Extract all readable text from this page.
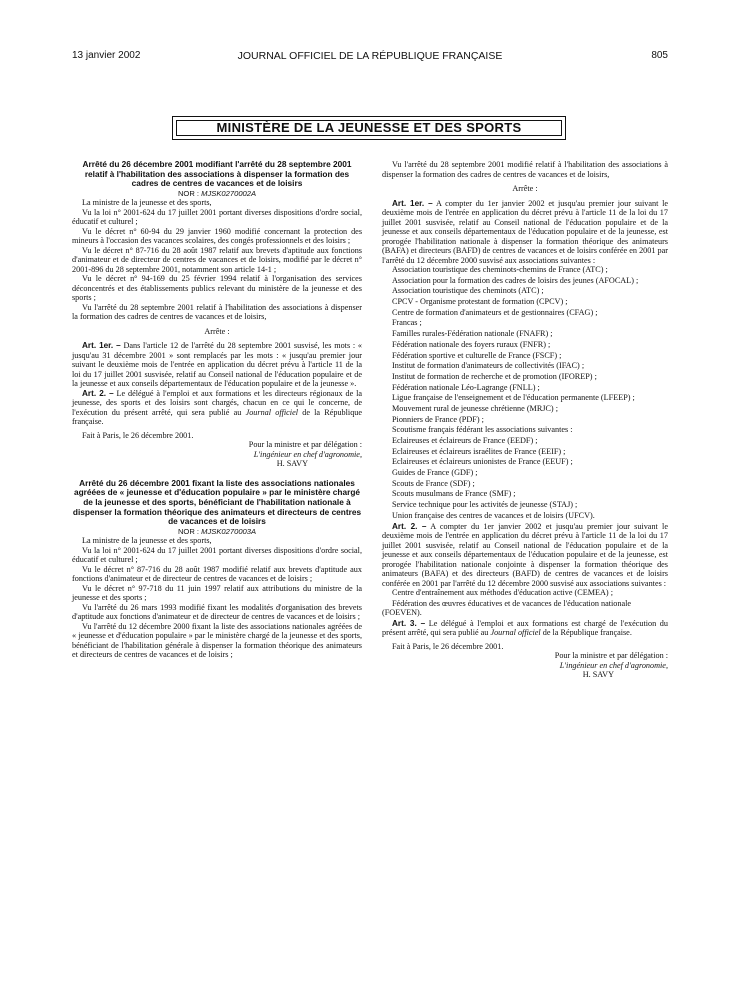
13 janvier 2002	JOURNAL OFFICIEL DE LA RÉPUBLIQUE FRANÇAISE	805
MINISTÈRE DE LA JEUNESSE ET DES SPORTS

Arrêté du 26 décembre 2001 modifiant l'arrêté du 28 septembre 2001 relatif à l'habilitation des associations à dispenser la formation des cadres de centres de vacances et de loisirs

NOR : MJSK0270002A

La ministre de la jeunesse et des sports,

Vu la loi n° 2001-624 du 17 juillet 2001 portant diverses dispositions d'ordre social, éducatif et culturel ;

Vu le décret n° 60-94 du 29 janvier 1960 modifié concernant la protection des mineurs à l'occasion des vacances scolaires, des congés professionnels et des loisirs ;

Vu le décret n° 87-716 du 28 août 1987 relatif aux brevets d'aptitude aux fonctions d'animateur et de directeur de centres de vacances et de loisirs, modifié par le décret n° 2001-896 du 28 septembre 2001, notamment son article 14-1 ;

Vu le décret n° 94-169 du 25 février 1994 relatif à l'organisation des services déconcentrés et des établissements publics relevant du ministère de la jeunesse et des sports ;

Vu l'arrêté du 28 septembre 2001 relatif à l'habilitation des associations à dispenser la formation des cadres de centres de vacances et de loisirs,

Arrête :

Art. 1er. – Dans l'article 12 de l'arrêté du 28 septembre 2001 susvisé, les mots : « jusqu'au 31 décembre 2001 » sont remplacés par les mots : « jusqu'au premier jour suivant le deuxième mois de l'entrée en application du décret prévu à l'article 11 de la loi du 17 juillet 2001 susvisée, relatif au Conseil national de l'éducation populaire et de la jeunesse et aux conseils départementaux de l'éducation populaire et de la jeunesse ».

Art. 2. – Le délégué à l'emploi et aux formations et les directeurs régionaux de la jeunesse, des sports et des loisirs sont chargés, chacun en ce qui le concerne, de l'exécution du présent arrêté, qui sera publié au Journal officiel de la République française.

Fait à Paris, le 26 décembre 2001.

Pour la ministre et par délégation :

L'ingénieur en chef d'agronomie,

H. SAVY

Arrêté du 26 décembre 2001 fixant la liste des associations nationales agréées de « jeunesse et d'éducation populaire » par le ministère chargé de la jeunesse et des sports, bénéficiant de l'habilitation nationale à dispenser la formation théorique des animateurs et directeurs de centres de vacances et de loisirs

NOR : MJSK0270003A

La ministre de la jeunesse et des sports,

Vu la loi n° 2001-624 du 17 juillet 2001 portant diverses dispositions d'ordre social, éducatif et culturel ;

Vu le décret n° 87-716 du 28 août 1987 modifié relatif aux brevets d'aptitude aux fonctions d'animateur et de directeur de centres de vacances et de loisirs ;

Vu le décret n° 97-718 du 11 juin 1997 relatif aux attributions du ministre de la jeunesse et des sports ;

Vu l'arrêté du 26 mars 1993 modifié fixant les modalités d'organisation des brevets d'aptitude aux fonctions d'animateur et de directeur de centres de vacances et de loisirs ;

Vu l'arrêté du 12 décembre 2000 fixant la liste des associations nationales agréées de « jeunesse et d'éducation populaire » par le ministère chargé de la jeunesse et des sports, bénéficiant de l'habilitation générale à dispenser la formation théorique des animateurs et directeurs de centres de vacances et de loisirs ;

Vu l'arrêté du 28 septembre 2001 modifié relatif à l'habilitation des associations à dispenser la formation des cadres de centres de vacances et de loisirs,

Arrête :

Art. 1er. – A compter du 1er janvier 2002 et jusqu'au premier jour suivant le deuxième mois de l'entrée en application du décret prévu à l'article 11 de la loi du 17 juillet 2001 susvisée, relatif au Conseil national de l'éducation populaire et de la jeunesse et aux conseils départementaux de l'éducation populaire et de la jeunesse, est prorogée l'habilitation nationale à dispenser la formation théorique des animateurs (BAFA) et directeurs (BAFD) de centres de vacances et de loisirs conférée en 2001 par l'arrêté du 12 décembre 2000 susvisé aux associations suivantes :

Association touristique des cheminots-chemins de France (ATC) ;

Association pour la formation des cadres de loisirs des jeunes (AFOCAL) ;

Association touristique des cheminots (ATC) ;

CPCV - Organisme protestant de formation (CPCV) ;

Centre de formation d'animateurs et de gestionnaires (CFAG) ;

Francas ;

Familles rurales-Fédération nationale (FNAFR) ;

Fédération nationale des foyers ruraux (FNFR) ;

Fédération sportive et culturelle de France (FSCF) ;

Institut de formation d'animateurs de collectivités (IFAC) ;

Institut de formation de recherche et de promotion (IFOREP) ;

Fédération nationale Léo-Lagrange (FNLL) ;

Ligue française de l'enseignement et de l'éducation permanente (LFEEP) ;

Mouvement rural de jeunesse chrétienne (MRJC) ;

Pionniers de France (PDF) ;

Scoutisme français fédérant les associations suivantes :

Eclaireuses et éclaireurs de France (EEDF) ;

Eclaireuses et éclaireurs israélites de France (EEIF) ;

Eclaireuses et éclaireurs unionistes de France (EEUF) ;

Guides de France (GDF) ;

Scouts de France (SDF) ;

Scouts musulmans de France (SMF) ;

Service technique pour les activités de jeunesse (STAJ) ;

Union française des centres de vacances et de loisirs (UFCV).

Art. 2. – A compter du 1er janvier 2002 et jusqu'au premier jour suivant le deuxième mois de l'entrée en application du décret prévu à l'article 11 de la loi du 17 juillet 2001 susvisée, relatif au Conseil national de l'éducation populaire et de la jeunesse et aux conseils départementaux de l'éducation populaire et de la jeunesse, est prorogée l'habilitation nationale conjointe à dispenser la formation théorique des animateurs (BAFA) et des directeurs (BAFD) de centres de vacances et de loisirs conférée en 2001 par l'arrêté du 12 décembre 2000 susvisé aux associations suivantes :

Centre d'entraînement aux méthodes d'éducation active (CEMEA) ;

Fédération des œuvres éducatives et de vacances de l'éducation nationale (FOEVEN).

Art. 3. – Le délégué à l'emploi et aux formations est chargé de l'exécution du présent arrêté, qui sera publié au Journal officiel de la République française.

Fait à Paris, le 26 décembre 2001.

Pour la ministre et par délégation :

L'ingénieur en chef d'agronomie,

H. SAVY
